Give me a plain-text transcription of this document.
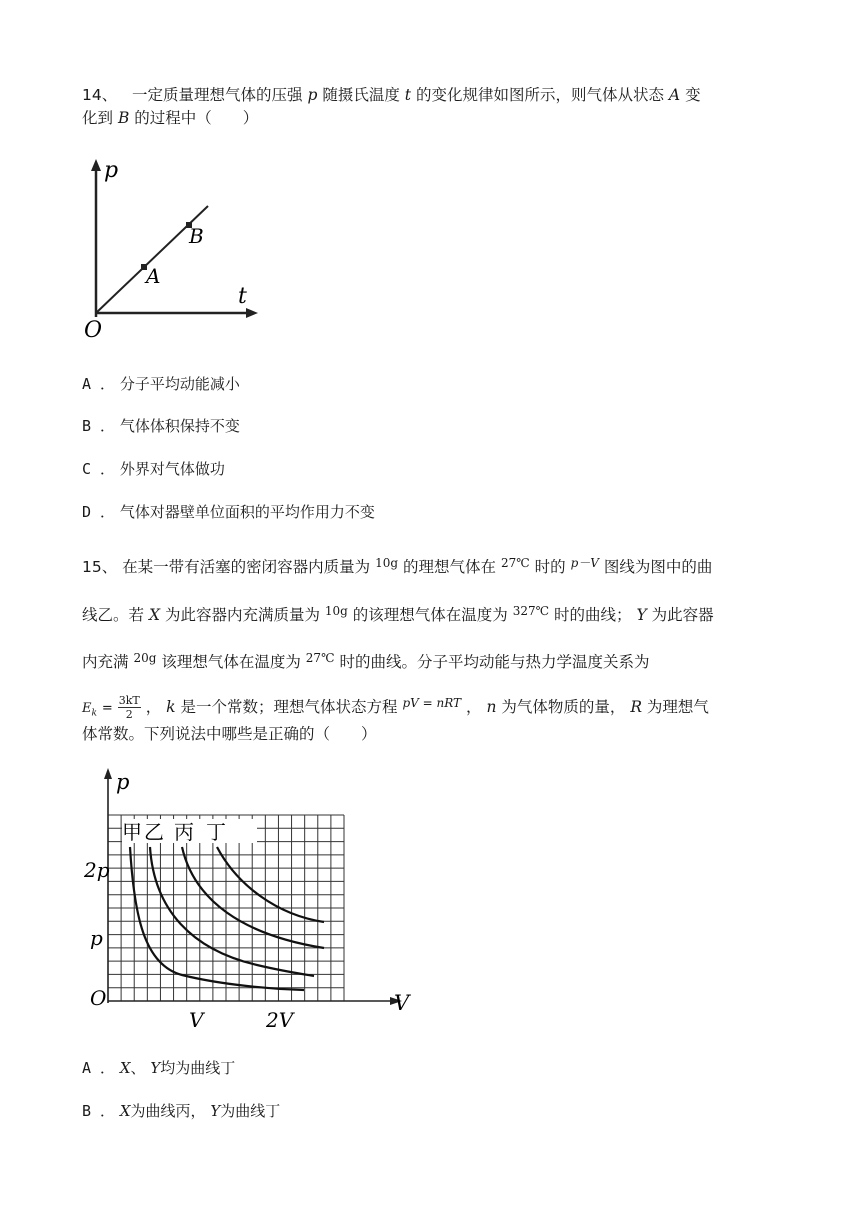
14、 一定质量理想气体的压强 p 随摄氏温度 t 的变化规律如图所示，则气体从状态 A 变
化到 B 的过程中（　　）
p
t
O
A
B
A ． 分子平均动能减小
B ． 气体体积保持不变
C ． 外界对气体做功
D ． 气体对器壁单位面积的平均作用力不变
15、 在某一带有活塞的密闭容器内质量为 $^{10g}$ 的理想气体在 $^{27℃}$ 时的 $^{p-V}$ 图线为图中的曲
线乙。若 X 为此容器内充满质量为 $^{10g}$ 的该理想气体在温度为 $^{327℃}$ 时的曲线； Y 为此容器
内充满 $^{20g}$ 该理想气体在温度为 $^{27℃}$ 时的曲线。分子平均动能与热力学温度关系为
$E_k = \frac{3kT}{2}$ ， k 是一个常数；理想气体状态方程 $^{pV = nRT}$ ， n 为气体物质的量， R 为理想气
体常数。下列说法中哪些是正确的（　　）
甲 乙 丙 丁
p
V
O
2p
p
V	2V
A ． X、 Y均为曲线丁
B ． X为曲线丙， Y为曲线丁
